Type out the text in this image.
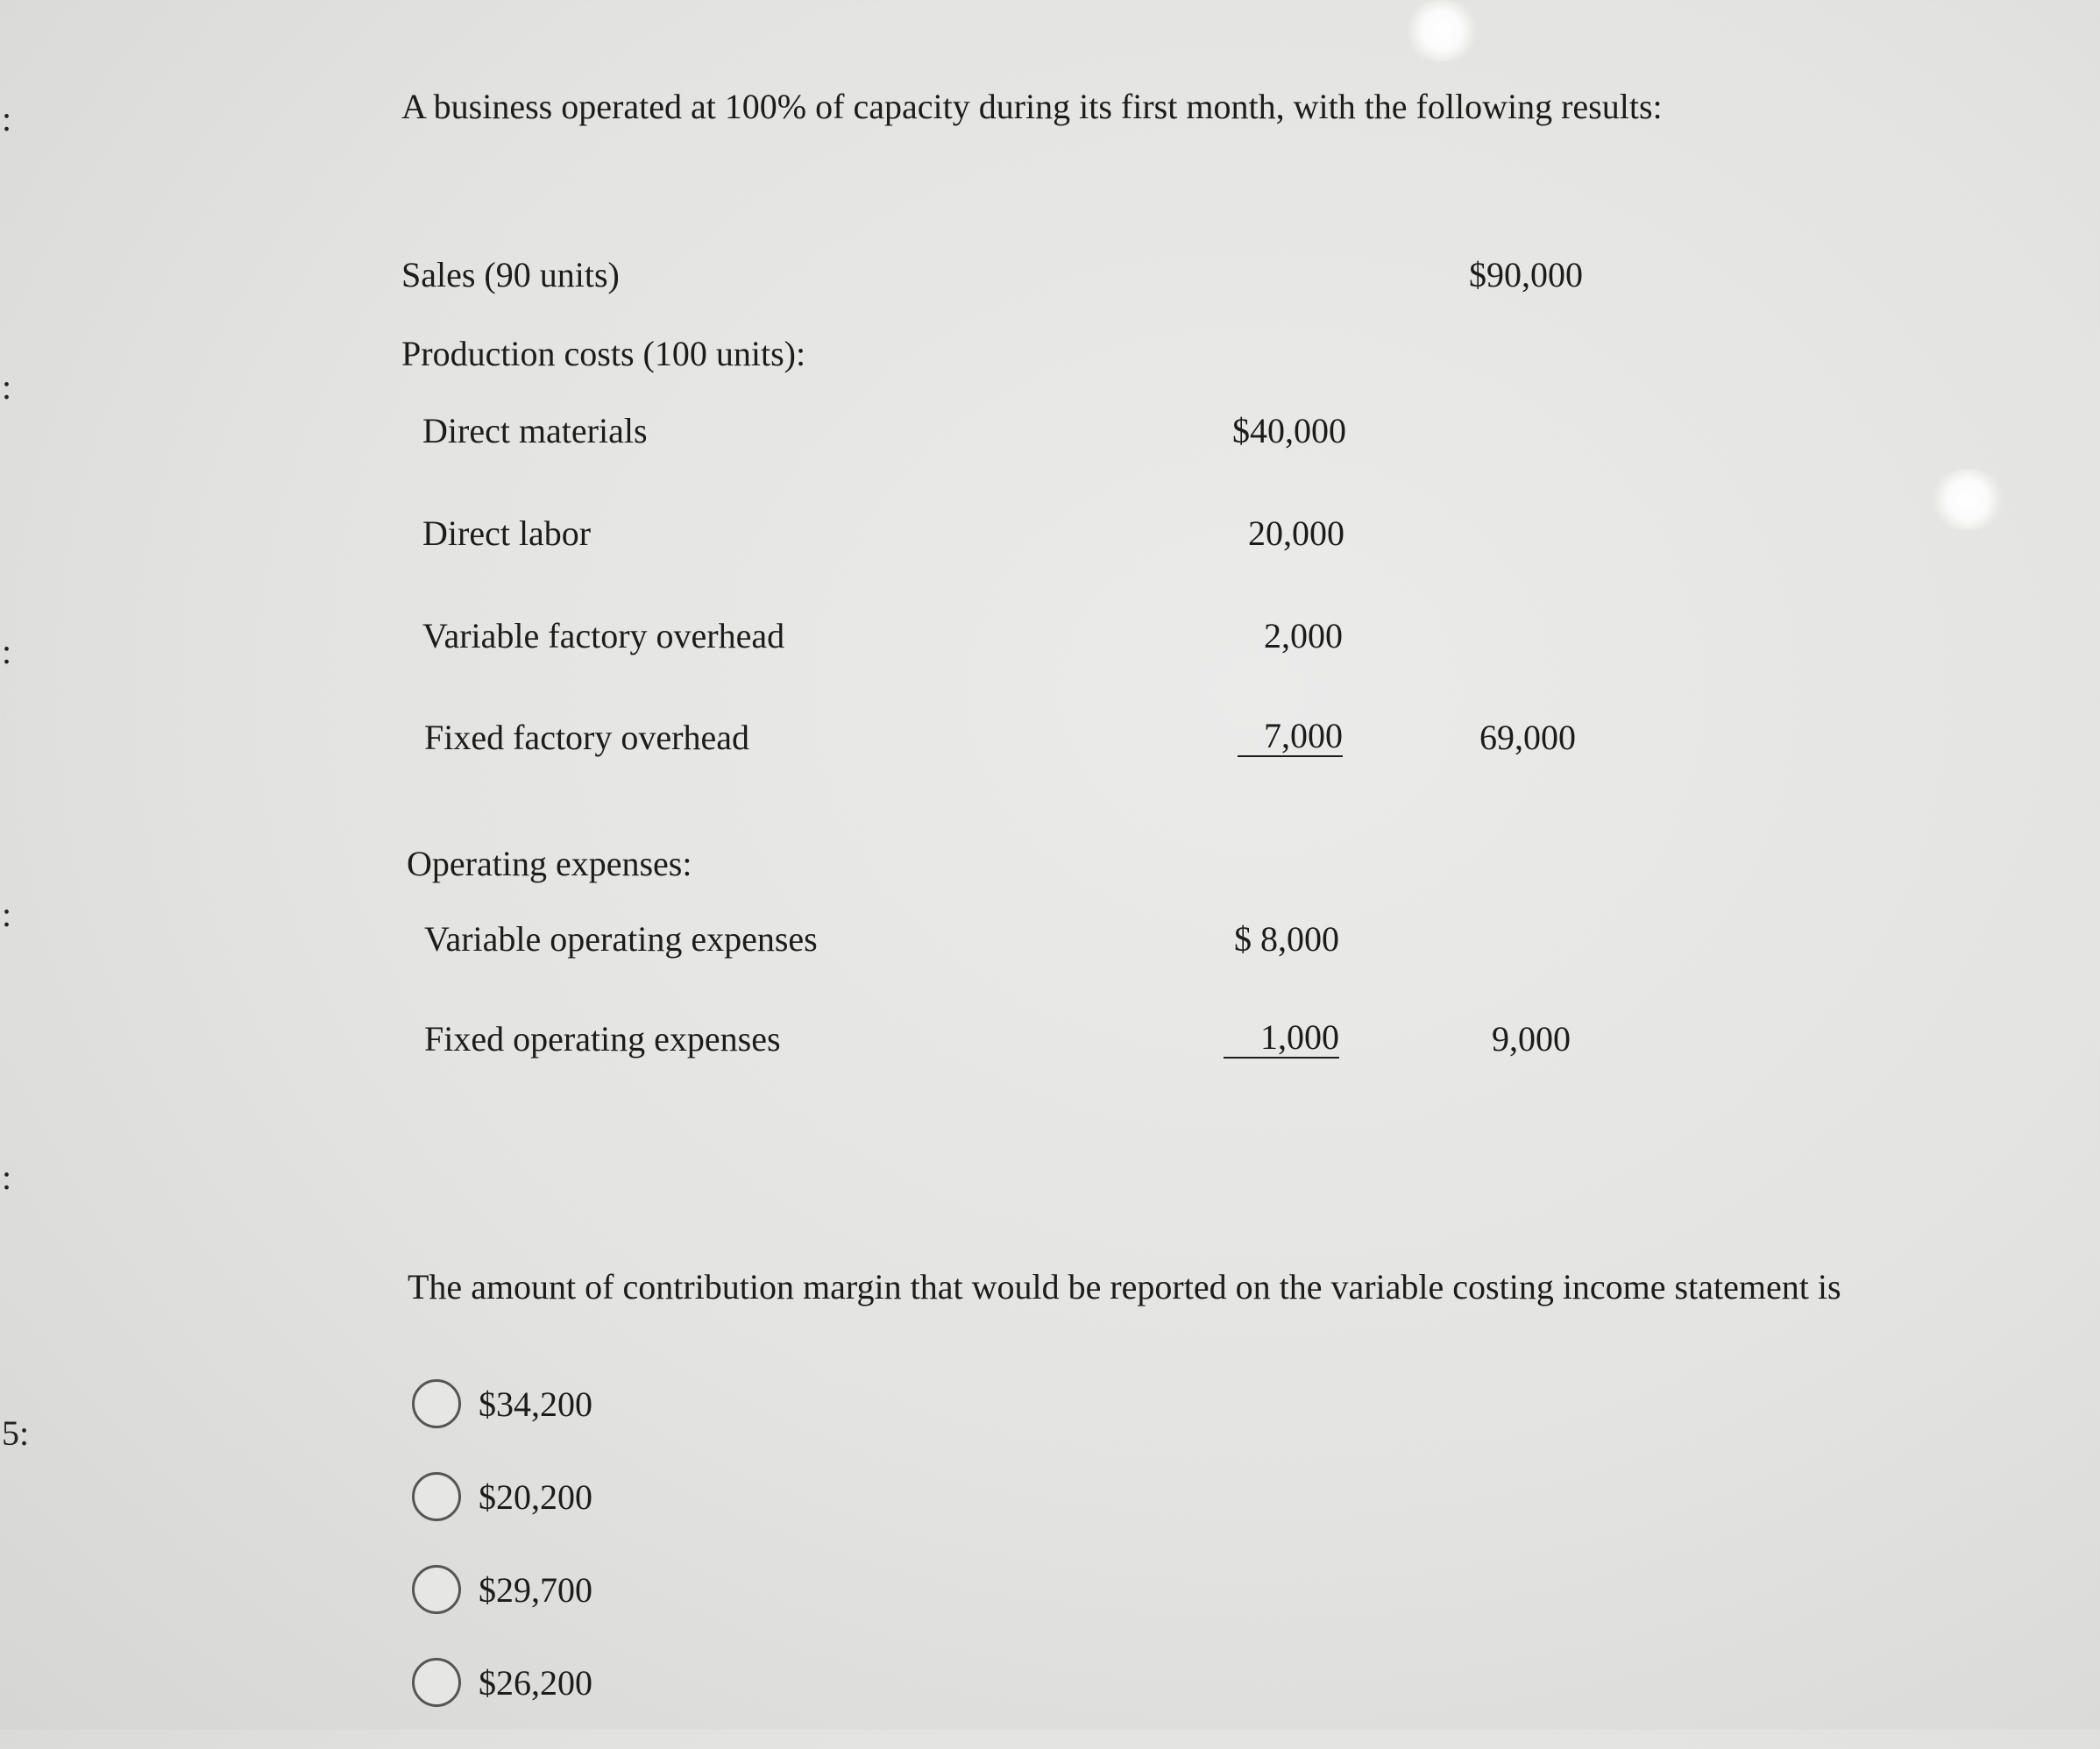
:
:
:
:
:
5:
A business operated at 100% of capacity during its first month, with the following results:
Sales (90 units)	$90,000
Production costs (100 units):
Direct materials	$40,000
Direct labor	20,000
Variable factory overhead	2,000
Fixed factory overhead	7,000	69,000
Operating expenses:
Variable operating expenses	$ 8,000
Fixed operating expenses	1,000	9,000
The amount of contribution margin that would be reported on the variable costing income statement is
$34,200
$20,200
$29,700
$26,200
